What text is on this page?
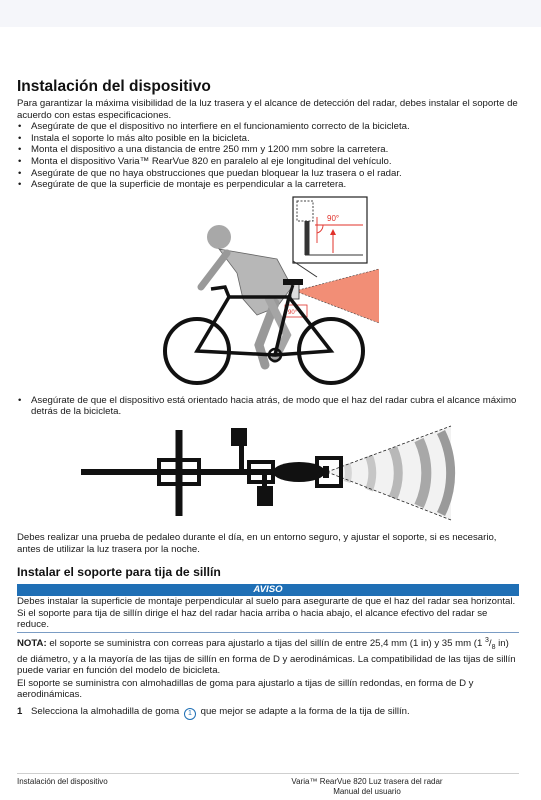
Instalación del dispositivo

Para garantizar la máxima visibilidad de la luz trasera y el alcance de detección del radar, debes instalar el soporte de acuerdo con estas especificaciones.

• Asegúrate de que el dispositivo no interfiere en el funcionamiento correcto de la bicicleta.
• Instala el soporte lo más alto posible en la bicicleta.
• Monta el dispositivo a una distancia de entre 250 mm y 1200 mm sobre la carretera.
• Monta el dispositivo Varia™ RearVue 820 en paralelo al eje longitudinal del vehículo.
• Asegúrate de que no haya obstrucciones que puedan bloquear la luz trasera o el radar.
• Asegúrate de que la superficie de montaje es perpendicular a la carretera.
90°
90°
• Asegúrate de que el dispositivo está orientado hacia atrás, de modo que el haz del radar cubra el alcance máximo detrás de la bicicleta.

Debes realizar una prueba de pedaleo durante el día, en un entorno seguro, y ajustar el soporte, si es necesario, antes de utilizar la luz trasera por la noche.

Instalar el soporte para tija de sillín
AVISO

Debes instalar la superficie de montaje perpendicular al suelo para asegurarte de que el haz del radar sea horizontal. Si el soporte para tija de sillín dirige el haz del radar hacia arriba o hacia abajo, el alcance efectivo del radar se reduce.

NOTA: el soporte se suministra con correas para ajustarlo a tijas del sillín de entre 25,4 mm (1 in) y 35 mm (1 $^3/_8$ in) de diámetro, y a la mayoría de las tijas de sillín en forma de D y aerodinámicas. La compatibilidad de las tijas de sillín puede variar en función del modelo de bicicleta.

El soporte se suministra con almohadillas de goma para ajustarlo a tijas de sillín redondas, en forma de D y aerodinámicas.

1 Selecciona la almohadilla de goma 1 que mejor se adapte a la forma de la tija de sillín.
Instalación del dispositivo	Varia™ RearVue 820 Luz trasera del radar
Manual del usuario
